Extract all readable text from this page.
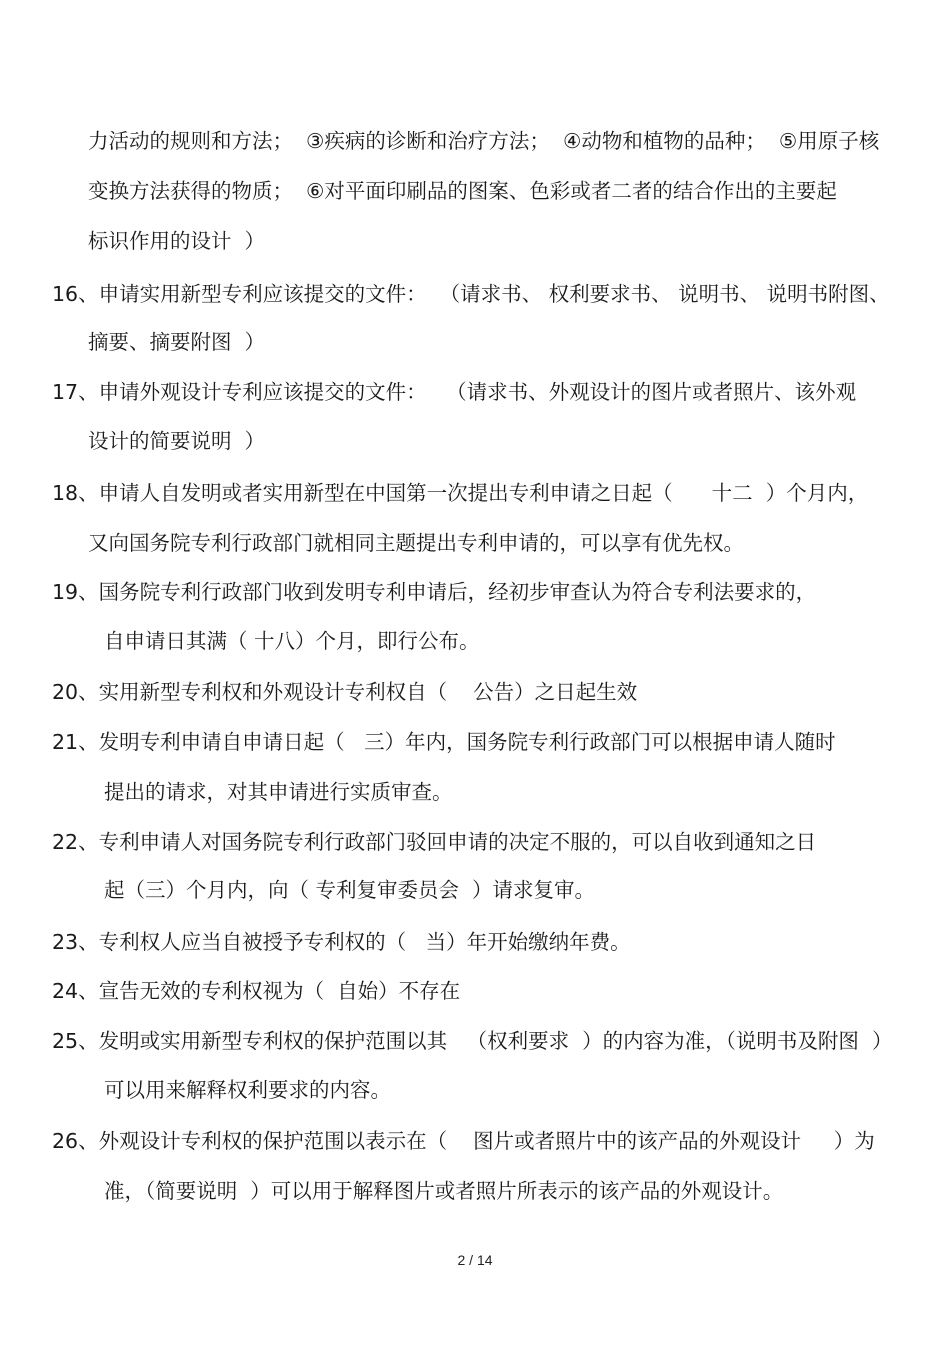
力活动的规则和方法；  ③疾病的诊断和治疗方法；  ④动物和植物的品种；  ⑤用原子核
变换方法获得的物质；  ⑥对平面印刷品的图案、色彩或者二者的结合作出的主要起
标识作用的设计  ）
16、申请实用新型专利应该提交的文件：  （请求书、 权利要求书、 说明书、 说明书附图、
摘要、摘要附图  ）
17、申请外观设计专利应该提交的文件：   （请求书、外观设计的图片或者照片、该外观
设计的简要说明  ）
18、申请人自发明或者实用新型在中国第一次提出专利申请之日起（      十二  ）个月内，
又向国务院专利行政部门就相同主题提出专利申请的，可以享有优先权。
19、国务院专利行政部门收到发明专利申请后，经初步审查认为符合专利法要求的，
自申请日其满（ 十八）个月，即行公布。
20、实用新型专利权和外观设计专利权自（    公告）之日起生效
21、发明专利申请自申请日起（   三）年内，国务院专利行政部门可以根据申请人随时
提出的请求，对其申请进行实质审查。
22、专利申请人对国务院专利行政部门驳回申请的决定不服的，可以自收到通知之日
起（三）个月内，向（ 专利复审委员会  ）请求复审。
23、专利权人应当自被授予专利权的（   当）年开始缴纳年费。
24、宣告无效的专利权视为（  自始）不存在
25、发明或实用新型专利权的保护范围以其   （权利要求  ）的内容为准，（说明书及附图  ）
可以用来解释权利要求的内容。
26、外观设计专利权的保护范围以表示在（    图片或者照片中的该产品的外观设计     ）为
准，（简要说明  ）可以用于解释图片或者照片所表示的该产品的外观设计。
2 / 14
